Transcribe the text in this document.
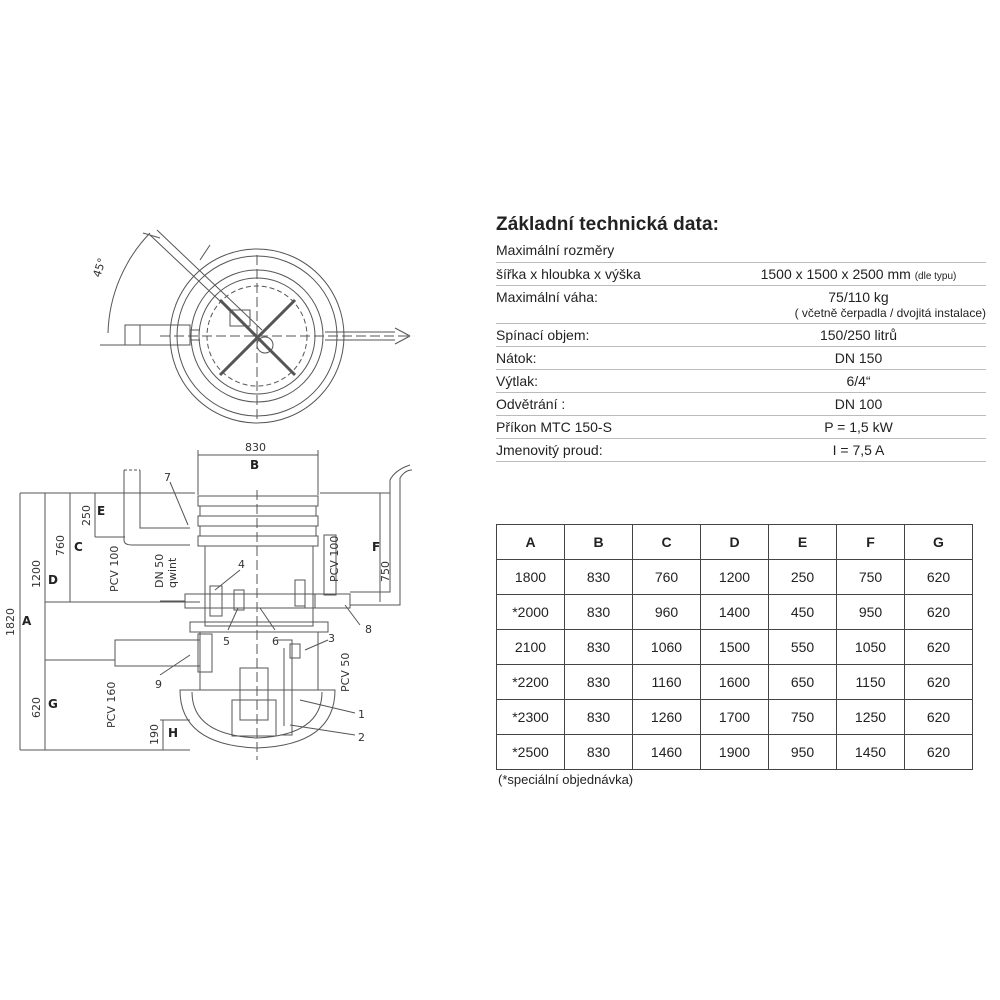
45°
830
B
E
C
D
A
G
H
F
1820
1200
760
250
620
190
750
PCV 100	DN 50 qwint	PCV 100
PCV 50
PCV 160
7
4
5	6	3
8
9
1
2
Základní technická data:
Maximální rozměry
šířka x hloubka x výška	1500 x 1500 x 2500 mm (dle typu)
Maximální váha:	75/110 kg
( včetně čerpadla / dvojitá instalace)
Spínací objem:	150/250 litrů
Nátok:	DN 150
Výtlak:	6/4“
Odvětrání :	DN 100
Příkon MTC 150-S	P = 1,5 kW
Jmenovitý proud:	I = 7,5 A
A	B	C	D	E	F	G
1800	830	760	1200	250	750	620
*2000	830	960	1400	450	950	620
2100	830	1060	1500	550	1050	620
*2200	830	1160	1600	650	1150	620
*2300	830	1260	1700	750	1250	620
*2500	830	1460	1900	950	1450	620
(*speciální objednávka)
